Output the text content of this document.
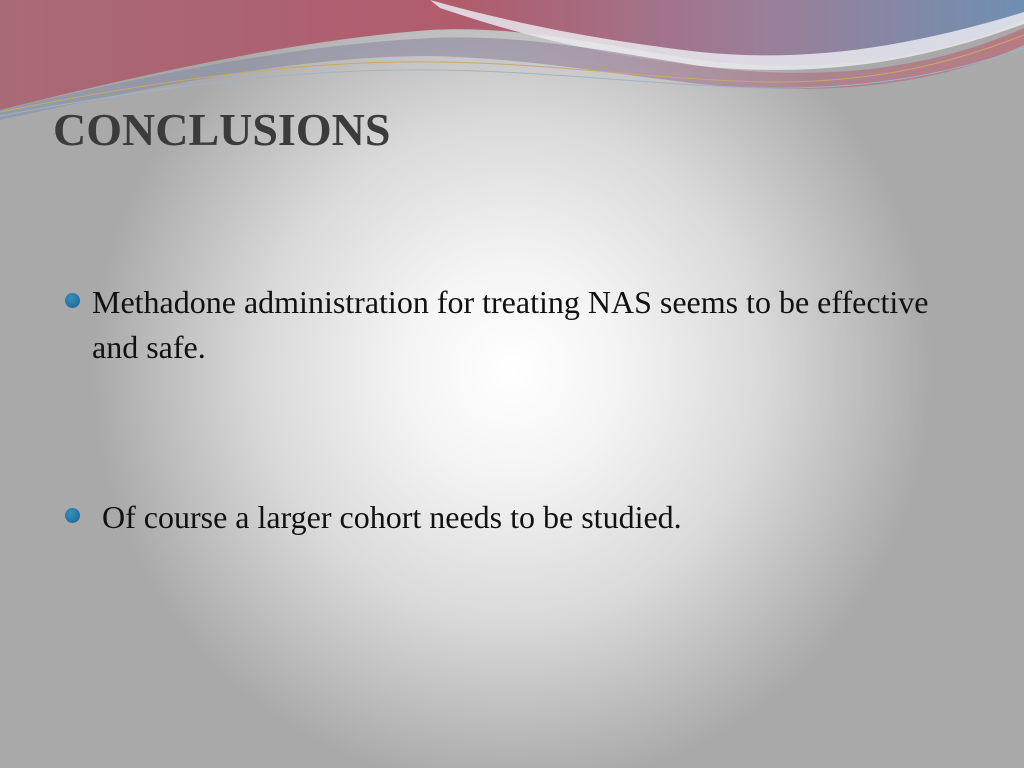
CONCLUSIONS
Methadone administration for treating NAS seems to be effective and safe.
Of course a larger cohort needs to be studied.
